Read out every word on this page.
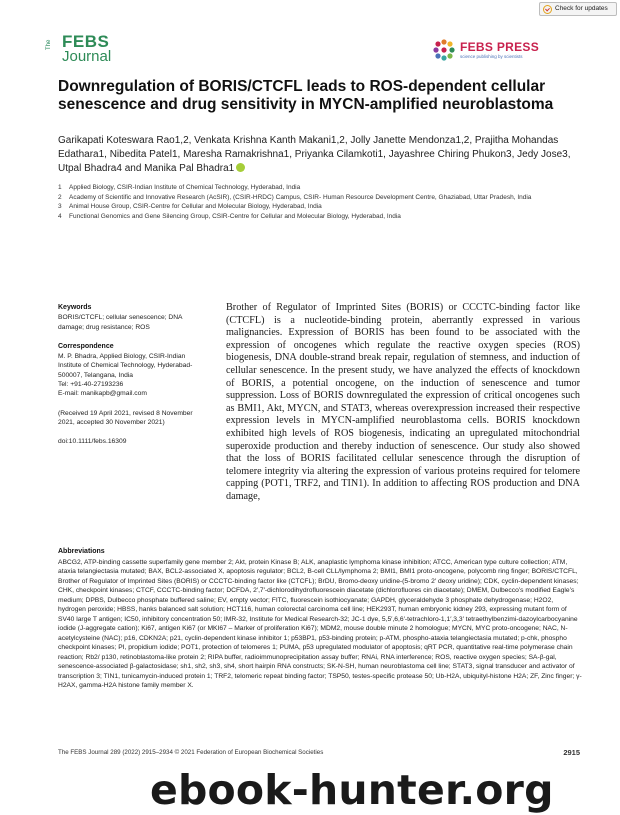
Check for updates
The FEBS
Journal
FEBS PRESS
science publishing by scientists
Downregulation of BORIS/CTCFL leads to ROS-dependent cellular senescence and drug sensitivity in MYCN-amplified neuroblastoma
Garikapati Koteswara Rao1,2, Venkata Krishna Kanth Makani1,2, Jolly Janette Mendonza1,2, Prajitha Mohandas Edathara1, Nibedita Patel1, Maresha Ramakrishna1, Priyanka Cilamkoti1, Jayashree Chiring Phukon3, Jedy Jose3, Utpal Bhadra4 and Manika Pal Bhadra1
1	Applied Biology, CSIR-Indian Institute of Chemical Technology, Hyderabad, India
2	Academy of Scientific and Innovative Research (AcSIR), (CSIR-HRDC) Campus, CSIR- Human Resource Development Centre, Ghaziabad, Uttar Pradesh, India
3	Animal House Group, CSIR-Centre for Cellular and Molecular Biology, Hyderabad, India
4	Functional Genomics and Gene Silencing Group, CSIR-Centre for Cellular and Molecular Biology, Hyderabad, India
Keywords
BORIS/CTCFL; cellular senescence; DNA damage; drug resistance; ROS
Correspondence
M. P. Bhadra, Applied Biology, CSIR-Indian Institute of Chemical Technology, Hyderabad-500007, Telangana, India
Tel: +91-40-27193236
E-mail: manikapb@gmail.com
(Received 19 April 2021, revised 8 November 2021, accepted 30 November 2021)
doi:10.1111/febs.16309

Brother of Regulator of Imprinted Sites (BORIS) or CCCTC-binding factor like (CTCFL) is a nucleotide-binding protein, aberrantly expressed in various malignancies. Expression of BORIS has been found to be associated with the expression of oncogenes which regulate the reactive oxygen species (ROS) biogenesis, DNA double-strand break repair, regulation of stemness, and induction of cellular senescence. In the present study, we have analyzed the effects of knockdown of BORIS, a potential oncogene, on the induction of senescence and tumor suppression. Loss of BORIS downregulated the expression of critical oncogenes such as BMI1, Akt, MYCN, and STAT3, whereas overexpression increased their respective expression levels in MYCN-amplified neuroblastoma cells. BORIS knockdown exhibited high levels of ROS biogenesis, indicating an upregulated mitochondrial superoxide production and thereby induction of senescence. Our study also showed that the loss of BORIS facilitated cellular senescence through the disruption of telomere integrity via altering the expression of various proteins required for telomere capping (POT1, TRF2, and TIN1). In addition to affecting ROS production and DNA damage,

Abbreviations
ABCG2, ATP-binding cassette superfamily gene member 2; Akt, protein Kinase B; ALK, anaplastic lymphoma kinase inhibition; ATCC, American type culture collection; ATM, ataxia telangiectasia mutated; BAX, BCL2-associated X, apoptosis regulator; BCL2, B-cell CLL/lymphoma 2; BMI1, BMI1 proto-oncogene, polycomb ring finger; BORIS/CTCFL, Brother of Regulator of Imprinted Sites (BORIS) or CCCTC-binding factor like (CTCFL); BrDU, Bromo-deoxy uridine-(5-bromo 2′ deoxy uridine); CDK, cyclin-dependent kinases; CHK, checkpoint kinases; CTCF, CCCTC-binding factor; DCFDA, 2′,7′-dichlorodihydrofluorescein diacetate (dichlorofluores cin diacetate); DMEM, Dulbecco’s modified Eagle’s medium; DPBS, Dulbecco phosphate buffered saline; EV, empty vector; FITC, fluorescein isothiocyanate; GAPDH, glyceraldehyde 3 phosphate dehydrogenase; H2O2, hydrogen peroxide; HBSS, hanks balanced salt solution; HCT116, human colorectal carcinoma cell line; HEK293T, human embryonic kidney 293, expressing mutant form of SV40 large T antigen; IC50, inhibitory concentration 50; IMR-32, Institute for Medical Research-32; JC-1 dye, 5,5′,6,6′-tetrachloro-1,1′,3,3′ tetraethylbenzimi-dazoylcarbocyanine iodide (J-aggregate cation); Ki67, antigen Ki67 (or MKI67 – Marker of proliferation Ki67); MDM2, mouse double minute 2 homologue; MYCN, MYC proto-oncogene; NAC, N-acetylcysteine (NAC); p16, CDKN2A; p21, cyclin-dependent kinase inhibitor 1; p53BP1, p53-binding protein; p-ATM, phospho-ataxia telangiectasia mutated; p-chk, phospho checkpoint kinases; PI, propidium iodide; POT1, protection of telomeres 1; PUMA, p53 upregulated modulator of apoptosis; qRT PCR, quantitative real-time polymerase chain reaction; Rb2/ p130, retinoblastoma-like protein 2; RIPA buffer, radioimmunoprecipitation assay buffer; RNAi, RNA interference; ROS, reactive oxygen species; SA-β-gal, senescence-associated β-galactosidase; sh1, sh2, sh3, sh4, short hairpin RNA constructs; SK-N-SH, human neuroblastoma cell line; STAT3, signal transducer and activator of transcription 3; TIN1, tunicamycin-induced protein 1; TRF2, telomeric repeat binding factor; TSP50, testes-specific protease 50; Ub-H2A, ubiquityl-histone H2A; ZF, Zinc finger; γ-H2AX, gamma-H2A histone family member X.
The FEBS Journal 289 (2022) 2915–2934 © 2021 Federation of European Biochemical Societies	2915
ebook-hunter.org
